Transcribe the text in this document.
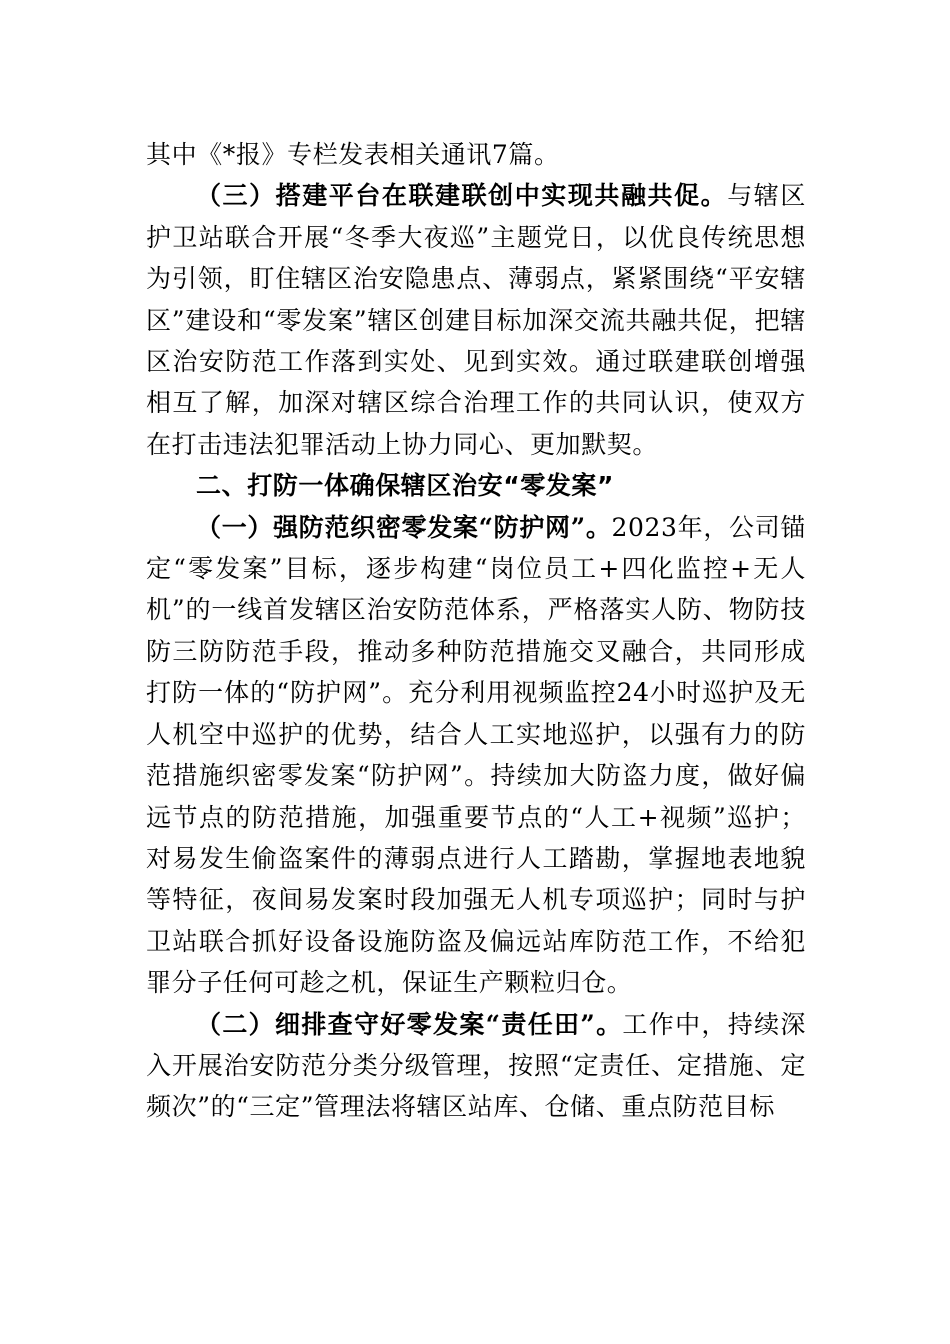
其中《*报》专栏发表相关通讯7篇。

（三）搭建平台在联建联创中实现共融共促。与辖区护卫站联合开展“冬季大夜巡”主题党日，以优良传统思想为引领，盯住辖区治安隐患点、薄弱点，紧紧围绕“平安辖区”建设和“零发案”辖区创建目标加深交流共融共促，把辖区治安防范工作落到实处、见到实效。通过联建联创增强相互了解，加深对辖区综合治理工作的共同认识，使双方在打击违法犯罪活动上协力同心、更加默契。

二、打防一体确保辖区治安“零发案”

（一）强防范织密零发案“防护网”。2023年，公司锚定“零发案”目标，逐步构建“岗位员工+四化监控+无人机”的一线首发辖区治安防范体系，严格落实人防、物防技防三防防范手段，推动多种防范措施交叉融合，共同形成打防一体的“防护网”。充分利用视频监控24小时巡护及无人机空中巡护的优势，结合人工实地巡护，以强有力的防范措施织密零发案“防护网”。持续加大防盗力度，做好偏远节点的防范措施，加强重要节点的“人工+视频”巡护；对易发生偷盗案件的薄弱点进行人工踏勘，掌握地表地貌等特征，夜间易发案时段加强无人机专项巡护；同时与护卫站联合抓好设备设施防盗及偏远站库防范工作，不给犯罪分子任何可趁之机，保证生产颗粒归仓。

（二）细排查守好零发案“责任田”。工作中，持续深入开展治安防范分类分级管理，按照“定责任、定措施、定频次”的“三定”管理法将辖区站库、仓储、重点防范目标
